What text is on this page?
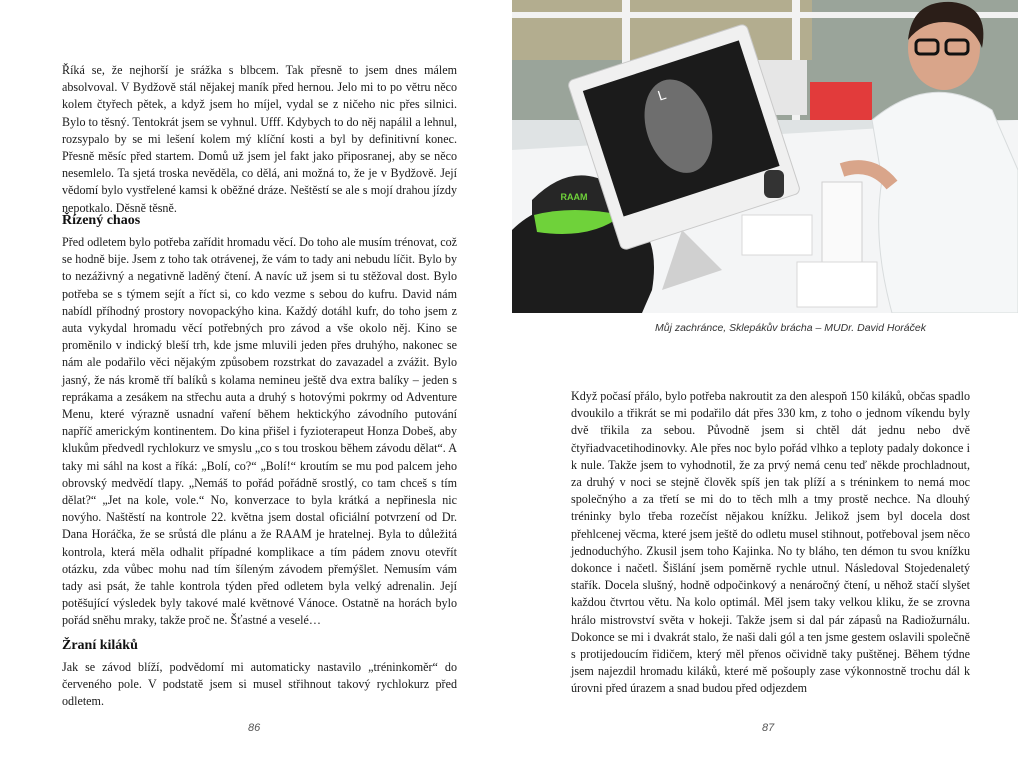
Říká se, že nejhorší je srážka s blbcem. Tak přesně to jsem dnes málem absolvoval. V Bydžově stál nějakej maník před hernou. Jelo mi to po větru něco kolem čtyřech pětek, a když jsem ho míjel, vydal se z ničeho nic přes silnici. Bylo to těsný. Tentokrát jsem se vyhnul. Ufff. Kdybych to do něj napálil a lehnul, rozsypalo by se mi lešení kolem mý klíční kosti a byl by definitivní konec. Přesně měsíc před startem. Domů už jsem jel fakt jako připosranej, aby se něco nesemlelo. Ta sjetá troska nevěděla, co dělá, ani možná to, že je v Bydžově. Její vědomí bylo vystřelené kamsi k oběžné dráze. Neštěstí se ale s mojí drahou jízdy nepotkalo. Děsně těsně.

Řízený chaos

Před odletem bylo potřeba zařídit hromadu věcí. Do toho ale musím trénovat, což se hodně bije. Jsem z toho tak otrávenej, že vám to tady ani nebudu líčit. Bylo by to nezáživný a negativně laděný čtení. A navíc už jsem si tu stěžoval dost. Bylo potřeba se s týmem sejít a říct si, co kdo vezme s sebou do kufru. David nám nabídl příhodný prostory novopackýho kina. Každý dotáhl kufr, do toho jsem z auta vykydal hromadu věcí potřebných pro závod a vše okolo něj. Kino se proměnilo v indický bleší trh, kde jsme mluvili jeden přes druhýho, nakonec se nám ale podařilo věci nějakým způsobem rozstrkat do zavazadel a zvážit. Bylo jasný, že nás kromě tří balíků s kolama nemineu ještě dva extra balíky – jeden s reprákama a zesákem na střechu auta a druhý s hotovými pokrmy od Adventure Menu, které výrazně usnadní vaření během hektickýho závodního putování napříč americkým kontinentem. Do kina přišel i fyzioterapeut Honza Dobeš, aby klukům předvedl rychlokurz ve smyslu „co s tou troskou během závodu dělat“. A taky mi sáhl na kost a říká: „Bolí, co?“ „Bolí!“ kroutím se mu pod palcem jeho obrovský medvědí tlapy. „Nemáš to pořád pořádně srostlý, co tam chceš s tím dělat?“ „Jet na kole, vole.“ No, konverzace to byla krátká a nepřinesla nic novýho. Naštěstí na kontrole 22. května jsem dostal oficiální potvrzení od Dr. Dana Horáčka, že se srůstá dle plánu a že RAAM je hratelnej. Byla to důležitá kontrola, která měla odhalit případné komplikace a tím pádem znovu otevřít otázku, zda vůbec mohu nad tím šíleným závodem přemýšlet. Nemusím vám tady asi psát, že tahle kontrola týden před odletem byla velký adrenalin. Její potěšující výsledek byly takové malé květnové Vánoce. Ostatně na horách bylo pořád sněhu mraky, takže proč ne. Šťastné a veselé…

Žraní kiláků

Jak se závod blíží, podvědomí mi automaticky nastavilo „tréninkoměr“ do červeného pole. V podstatě jsem si musel střihnout takový rychlokurz před odletem.

86
RAAM
L
Můj zachránce, Sklepákův brácha – MUDr. David Horáček

Když počasí přálo, bylo potřeba nakroutit za den alespoň 150 kiláků, občas spadlo dvoukilo a třikrát se mi podařilo dát přes 330 km, z toho o jednom víkendu byly dvě třikila za sebou. Původně jsem si chtěl dát jednu nebo dvě čtyřiadvacetihodinovky. Ale přes noc bylo pořád vlhko a teploty padaly dokonce i k nule. Takže jsem to vyhodnotil, že za prvý nemá cenu teď někde prochladnout, za druhý v noci se stejně člověk spíš jen tak plíží a s tréninkem to nemá moc společnýho a za třetí se mi do to těch mlh a tmy prostě nechce. Na dlouhý tréninky bylo třeba rozečíst nějakou knížku. Jelikož jsem byl docela dost přehlcenej věcma, které jsem ještě do odletu musel stihnout, potřeboval jsem něco jednoduchýho. Zkusil jsem toho Kajinka. No ty bláho, ten démon tu svou knížku dokonce i načetl. Šišlání jsem poměrně rychle utnul. Následoval Stojedenaletý stařík. Docela slušný, hodně odpočinkový a nenáročný čtení, u něhož stačí slyšet každou čtvrtou větu. Na kolo optimál. Měl jsem taky velkou kliku, že se zrovna hrálo mistrovství světa v hokeji. Takže jsem si dal pár zápasů na Radiožurnálu. Dokonce se mi i dvakrát stalo, že naši dali gól a ten jsme gestem oslavili společně s protijedoucím řidičem, který měl přenos očividně taky puštěnej. Během týdne jsem najezdil hromadu kiláků, které mě pošouply zase výkonnostně trochu dál k úrovni před úrazem a snad budou před odjezdem

87
